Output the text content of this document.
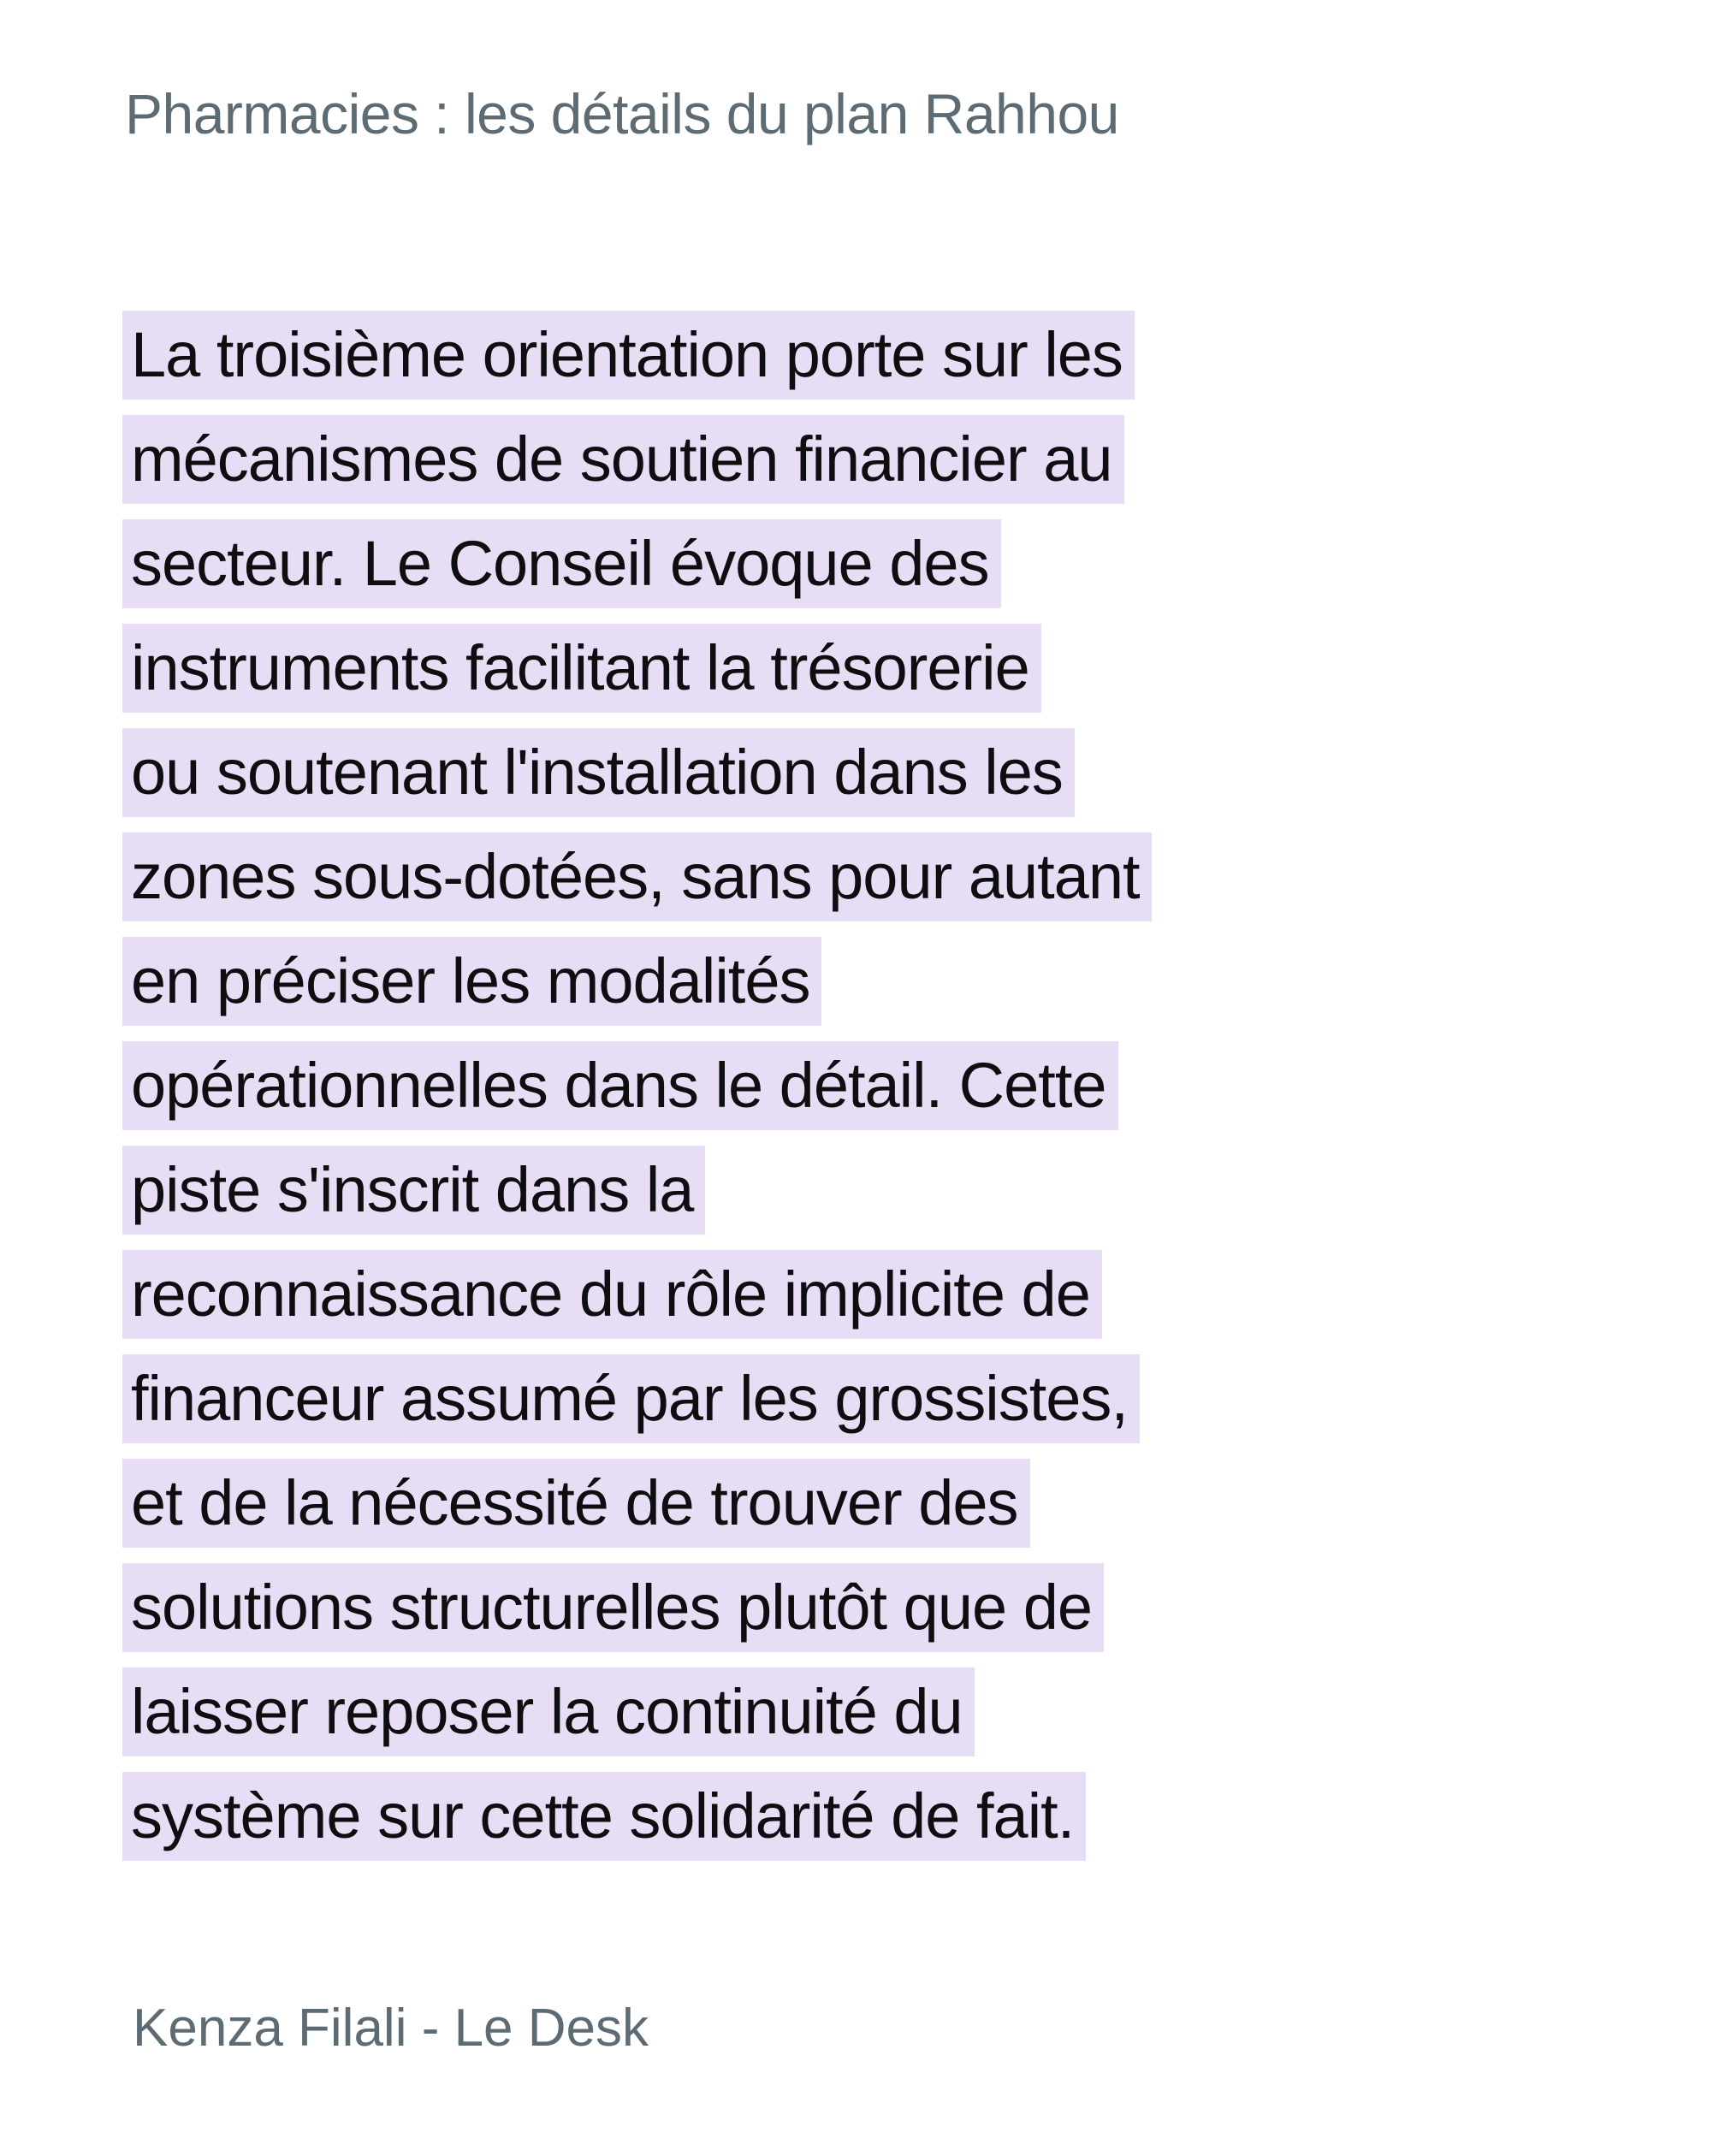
Pharmacies : les détails du plan Rahhou
La troisième orientation porte sur les
mécanismes de soutien financier au
secteur. Le Conseil évoque des
instruments facilitant la trésorerie
ou soutenant l'installation dans les
zones sous-dotées, sans pour autant
en préciser les modalités
opérationnelles dans le détail. Cette
piste s'inscrit dans la
reconnaissance du rôle implicite de
financeur assumé par les grossistes,
et de la nécessité de trouver des
solutions structurelles plutôt que de
laisser reposer la continuité du
système sur cette solidarité de fait.
Kenza Filali - Le Desk
